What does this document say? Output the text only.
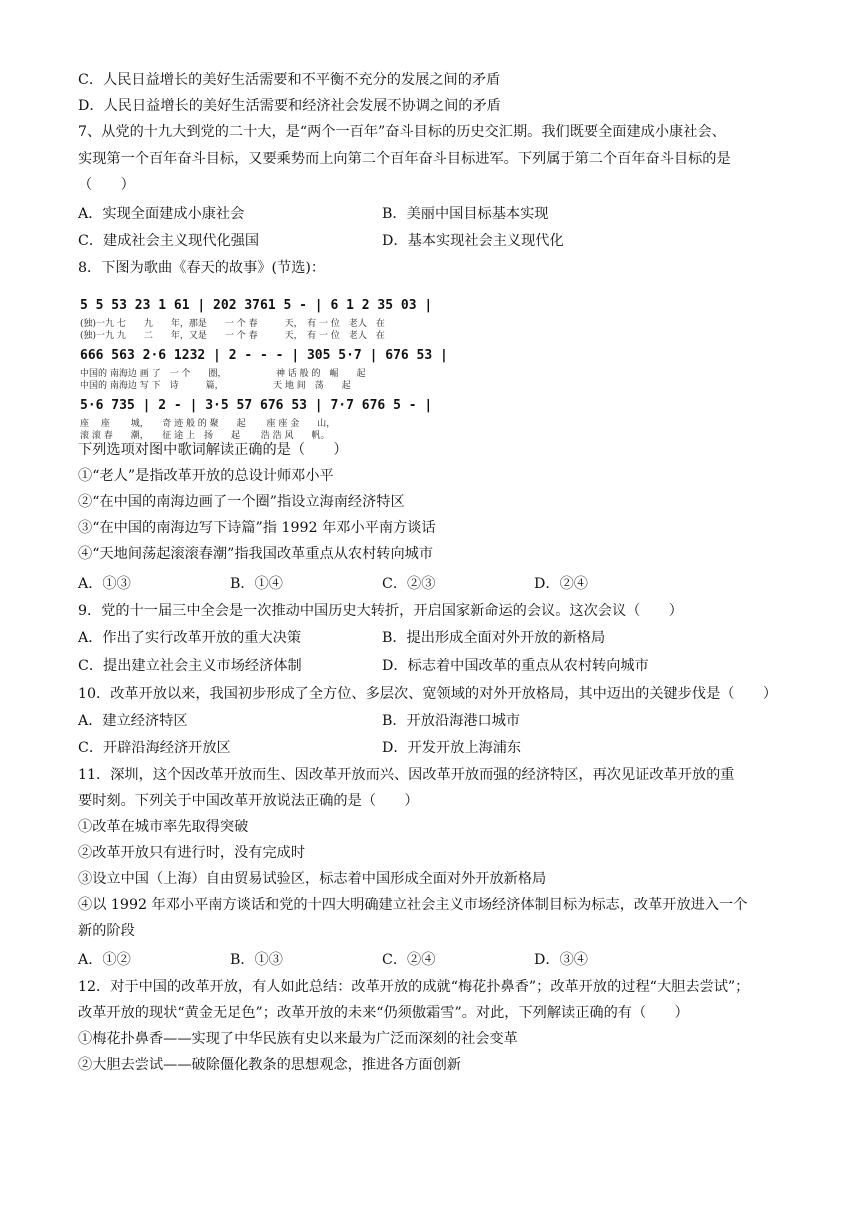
C．人民日益增长的美好生活需要和不平衡不充分的发展之间的矛盾
D．人民日益增长的美好生活需要和经济社会发展不协调之间的矛盾
7、从党的十九大到党的二十大，是“两个一百年”奋斗目标的历史交汇期。我们既要全面建成小康社会、
实现第一个百年奋斗目标，又要乘势而上向第二个百年奋斗目标进军。下列属于第二个百年奋斗目标的是
（　　）
A．实现全面建成小康社会	B．美丽中国目标基本实现
C．建成社会主义现代化强国	D．基本实现社会主义现代化
8．下图为歌曲《春天的故事》(节选)：
5 5 53 23 1 61 | 202 3761 5 - | 6 1 2 35 03 |
(独)一九 七　　九　　年，那是　　一 个 春　　　天，　有 一 位　老人　在
(独)一九 九　　二　　年，又是　　一 个 春　　　天，　有 一 位　老人　在
666 563 2·6 1232 | 2 - - - | 305 5·7 | 676 53 |
中国的 南海边 画 了　一 个　　圈，　　　　　　神 话 般 的　崛　　起
中国的 南海边 写 下　诗　　　篇，　　　　　　天 地 间　荡　　起
5·6 735 | 2 - | 3·5 57 676 53 | 7·7 676 5 - |
座　 座　　 城，　　奇 迹 般 的 聚　　起　　 座 座 金　　山，
滚 滚 春　　潮，　　征 途 上　扬　　起　　 浩 浩 风　　帆。
下列选项对图中歌词解读正确的是（　　）
①“老人”是指改革开放的总设计师邓小平
②“在中国的南海边画了一个圈”指设立海南经济特区
③“在中国的南海边写下诗篇”指 1992 年邓小平南方谈话
④“天地间荡起滚滚春潮”指我国改革重点从农村转向城市
A．①③	B．①④	C．②③	D．②④
9．党的十一届三中全会是一次推动中国历史大转折，开启国家新命运的会议。这次会议（　　）
A．作出了实行改革开放的重大决策	B．提出形成全面对外开放的新格局
C．提出建立社会主义市场经济体制	D．标志着中国改革的重点从农村转向城市
10．改革开放以来，我国初步形成了全方位、多层次、宽领域的对外开放格局，其中迈出的关键步伐是（　　）
A．建立经济特区	B．开放沿海港口城市
C．开辟沿海经济开放区	D．开发开放上海浦东
11．深圳，这个因改革开放而生、因改革开放而兴、因改革开放而强的经济特区，再次见证改革开放的重
要时刻。下列关于中国改革开放说法正确的是（　　）
①改革在城市率先取得突破
②改革开放只有进行时，没有完成时
③设立中国（上海）自由贸易试验区，标志着中国形成全面对外开放新格局
④以 1992 年邓小平南方谈话和党的十四大明确建立社会主义市场经济体制目标为标志，改革开放进入一个
新的阶段
A．①②	B．①③	C．②④	D．③④
12．对于中国的改革开放，有人如此总结：改革开放的成就“梅花扑鼻香”；改革开放的过程“大胆去尝试”；
改革开放的现状“黄金无足色”；改革开放的未来“仍须傲霜雪”。对此，下列解读正确的有（　　）
①梅花扑鼻香——实现了中华民族有史以来最为广泛而深刻的社会变革
②大胆去尝试——破除僵化教条的思想观念，推进各方面创新
